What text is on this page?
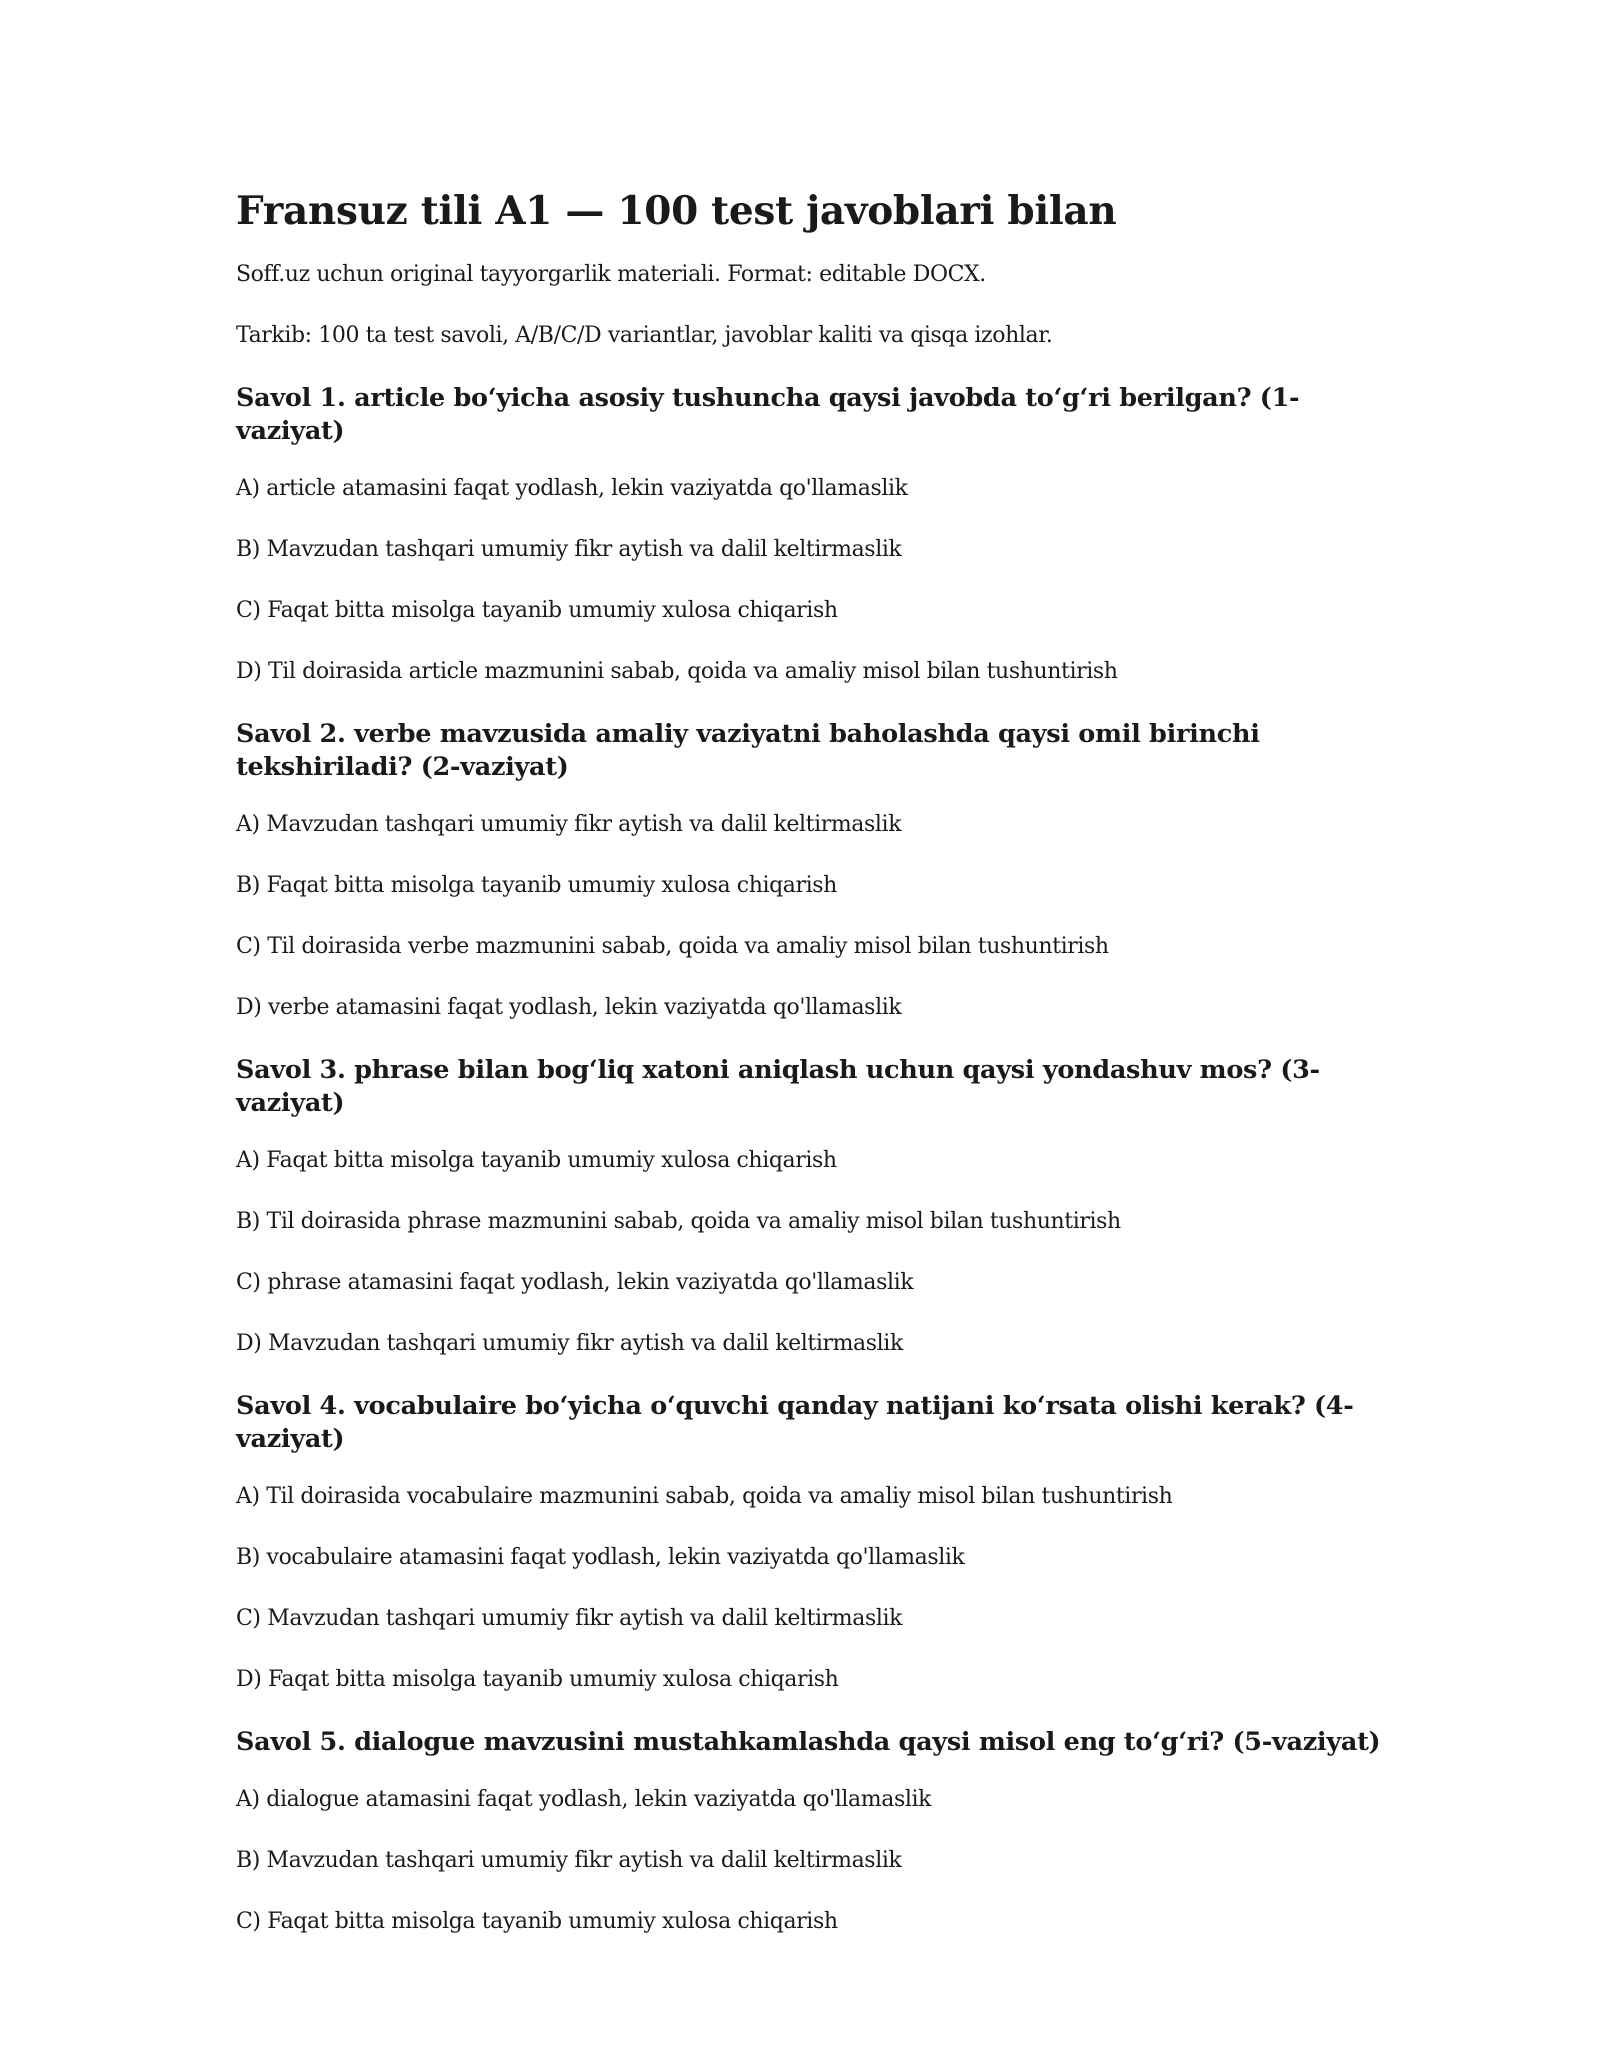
Fransuz tili A1 — 100 test javoblari bilan

Soff.uz uchun original tayyorgarlik materiali. Format: editable DOCX.

Tarkib: 100 ta test savoli, A/B/C/D variantlar, javoblar kaliti va qisqa izohlar.

Savol 1. article bo‘yicha asosiy tushuncha qaysi javobda to‘g‘ri berilgan? (1-vaziyat)

A) article atamasini faqat yodlash, lekin vaziyatda qo'llamaslik

B) Mavzudan tashqari umumiy fikr aytish va dalil keltirmaslik

C) Faqat bitta misolga tayanib umumiy xulosa chiqarish

D) Til doirasida article mazmunini sabab, qoida va amaliy misol bilan tushuntirish

Savol 2. verbe mavzusida amaliy vaziyatni baholashda qaysi omil birinchi tekshiriladi? (2-vaziyat)

A) Mavzudan tashqari umumiy fikr aytish va dalil keltirmaslik

B) Faqat bitta misolga tayanib umumiy xulosa chiqarish

C) Til doirasida verbe mazmunini sabab, qoida va amaliy misol bilan tushuntirish

D) verbe atamasini faqat yodlash, lekin vaziyatda qo'llamaslik

Savol 3. phrase bilan bog‘liq xatoni aniqlash uchun qaysi yondashuv mos? (3-vaziyat)

A) Faqat bitta misolga tayanib umumiy xulosa chiqarish

B) Til doirasida phrase mazmunini sabab, qoida va amaliy misol bilan tushuntirish

C) phrase atamasini faqat yodlash, lekin vaziyatda qo'llamaslik

D) Mavzudan tashqari umumiy fikr aytish va dalil keltirmaslik

Savol 4. vocabulaire bo‘yicha o‘quvchi qanday natijani ko‘rsata olishi kerak? (4-vaziyat)

A) Til doirasida vocabulaire mazmunini sabab, qoida va amaliy misol bilan tushuntirish

B) vocabulaire atamasini faqat yodlash, lekin vaziyatda qo'llamaslik

C) Mavzudan tashqari umumiy fikr aytish va dalil keltirmaslik

D) Faqat bitta misolga tayanib umumiy xulosa chiqarish

Savol 5. dialogue mavzusini mustahkamlashda qaysi misol eng to‘g‘ri? (5-vaziyat)

A) dialogue atamasini faqat yodlash, lekin vaziyatda qo'llamaslik

B) Mavzudan tashqari umumiy fikr aytish va dalil keltirmaslik

C) Faqat bitta misolga tayanib umumiy xulosa chiqarish
